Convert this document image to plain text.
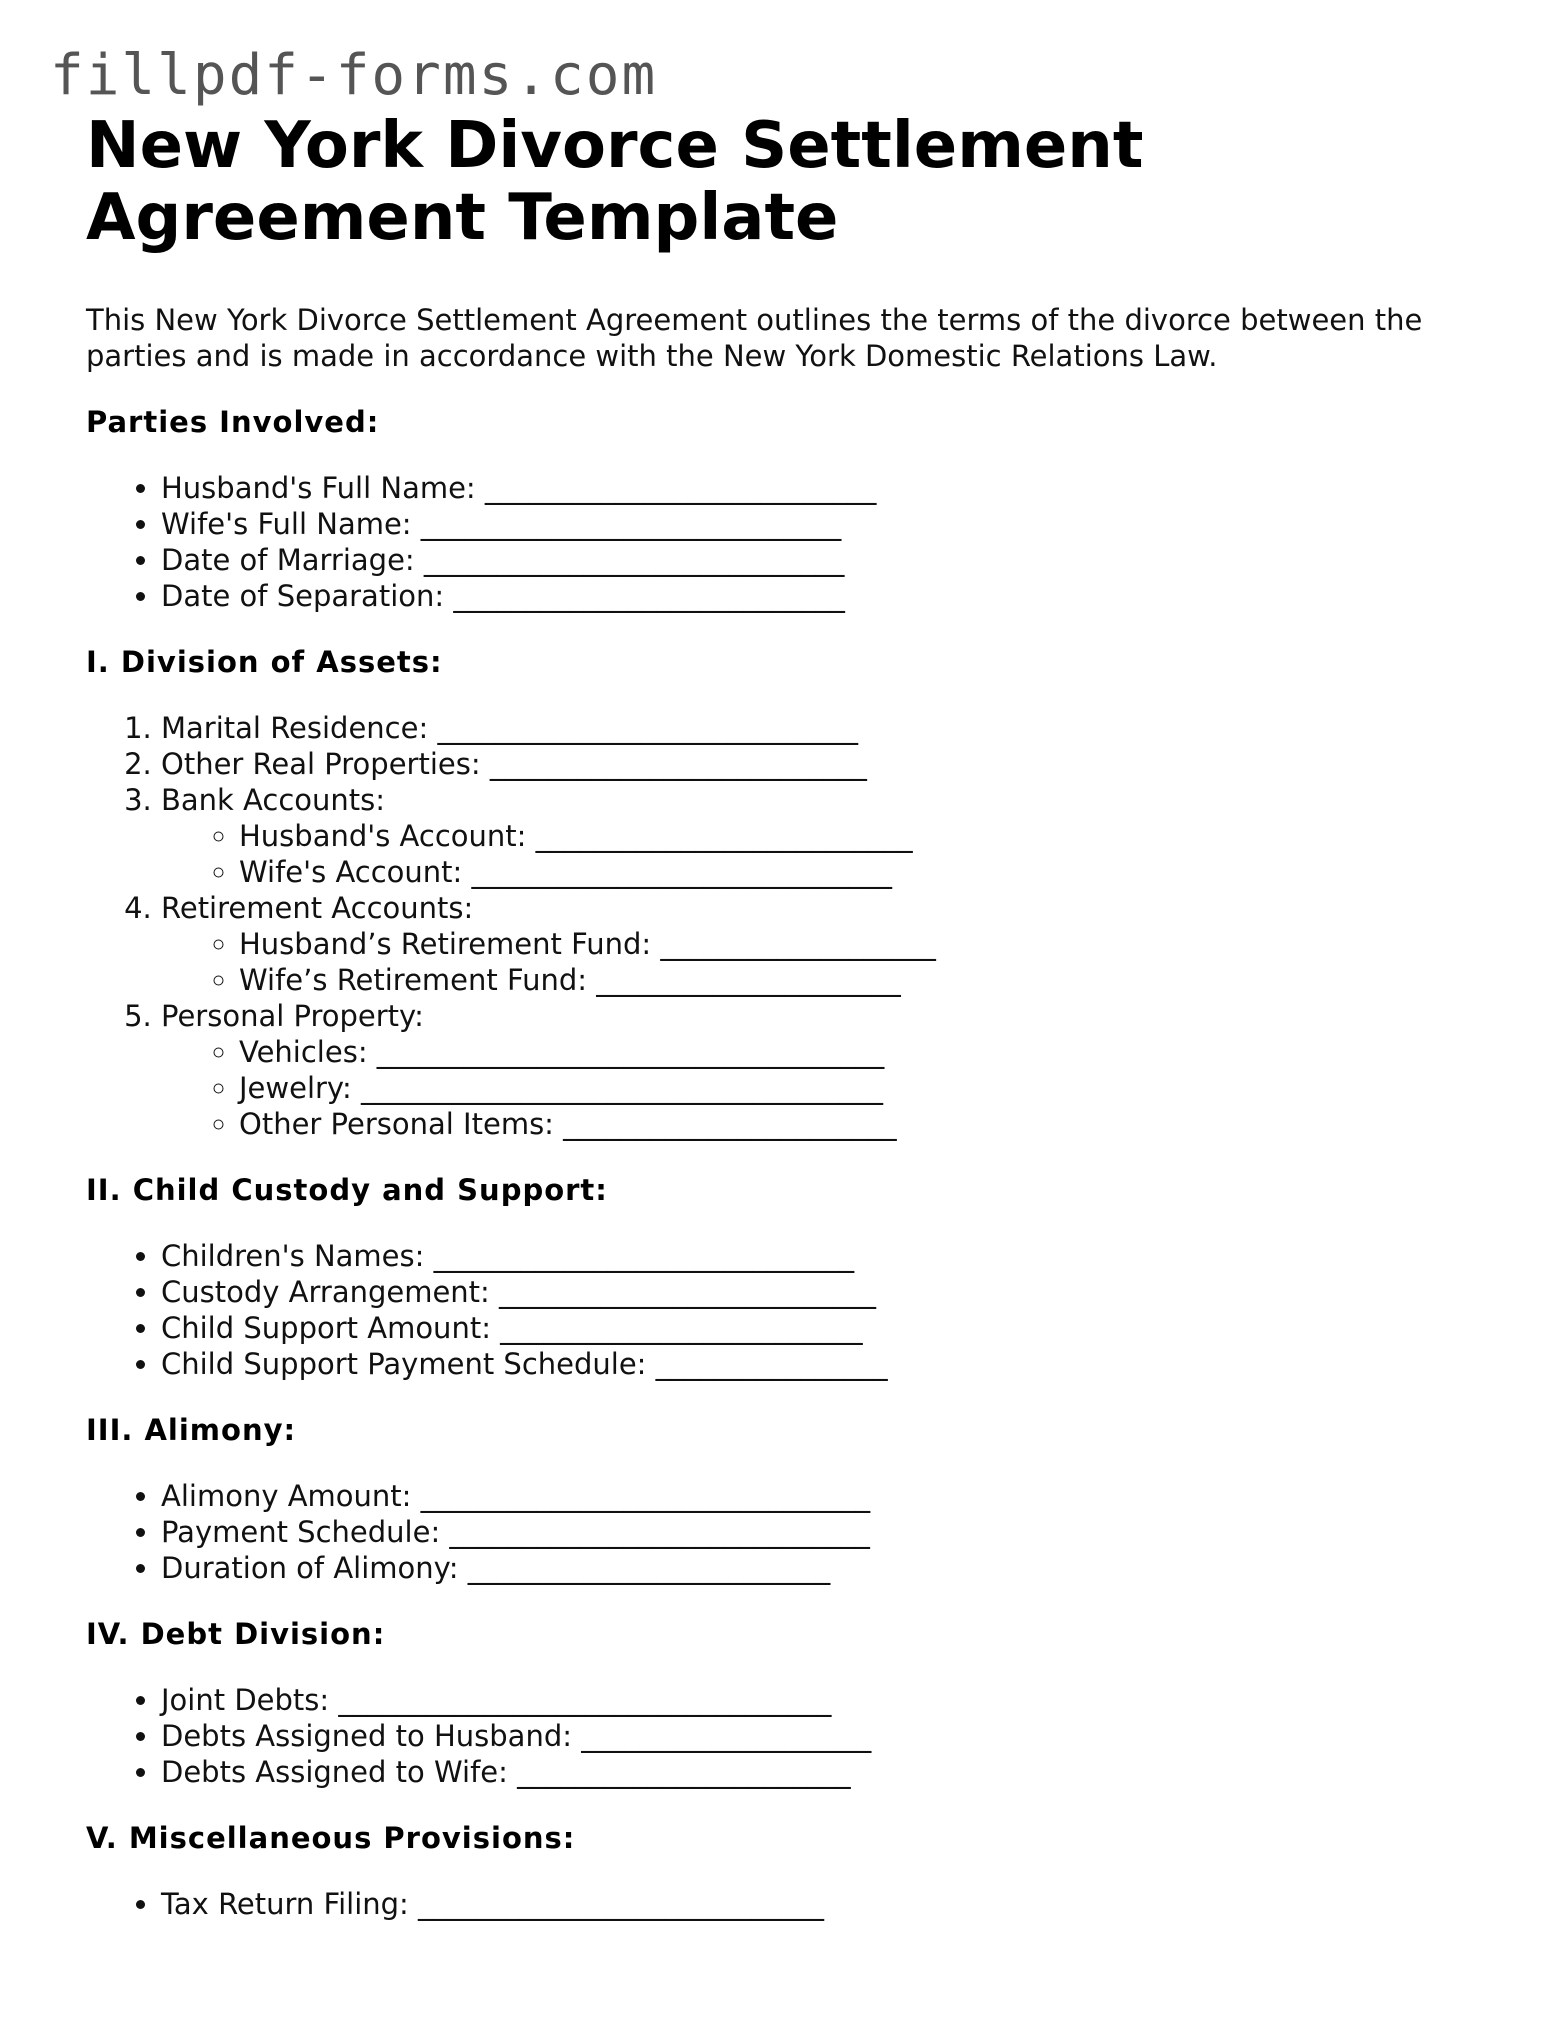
fillpdf-forms.com
New York Divorce Settlement Agreement Template

This New York Divorce Settlement Agreement outlines the terms of the divorce between the parties and is made in accordance with the New York Domestic Relations Law.

Parties Involved:
• Husband's Full Name: ___________________________
• Wife's Full Name: _____________________________
• Date of Marriage: _____________________________
• Date of Separation: ___________________________
I. Division of Assets:
1. Marital Residence: _____________________________
2. Other Real Properties: __________________________
3. Bank Accounts:
◦ Husband's Account: __________________________
◦ Wife's Account: _____________________________
4. Retirement Accounts:
◦ Husband’s Retirement Fund: ___________________
◦ Wife’s Retirement Fund: _____________________
5. Personal Property:
◦ Vehicles: ___________________________________
◦ Jewelry: ____________________________________
◦ Other Personal Items: _______________________
II. Child Custody and Support:
• Children's Names: _____________________________
• Custody Arrangement: __________________________
• Child Support Amount: _________________________
• Child Support Payment Schedule: ________________
III. Alimony:
• Alimony Amount: _______________________________
• Payment Schedule: _____________________________
• Duration of Alimony: _________________________
IV. Debt Division:
• Joint Debts: __________________________________
• Debts Assigned to Husband: ____________________
• Debts Assigned to Wife: _______________________
V. Miscellaneous Provisions:
• Tax Return Filing: ____________________________
